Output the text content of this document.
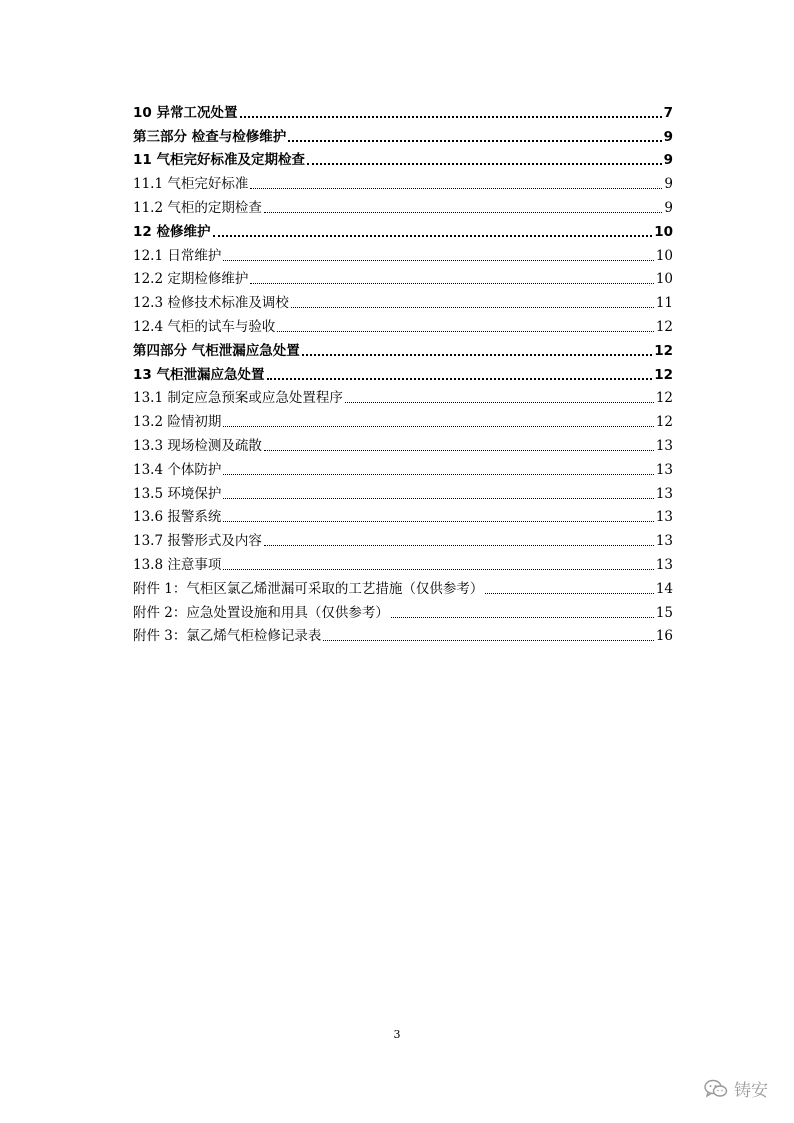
10 异常工况处置	7
第三部分 检查与检修维护	9
11 气柜完好标准及定期检查	9
11.1 气柜完好标准	9
11.2 气柜的定期检查	9
12 检修维护	10
12.1 日常维护	10
12.2 定期检修维护	10
12.3 检修技术标准及调校	11
12.4 气柜的试车与验收	12
第四部分 气柜泄漏应急处置	12
13 气柜泄漏应急处置	12
13.1 制定应急预案或应急处置程序	12
13.2 险情初期	12
13.3 现场检测及疏散	13
13.4 个体防护	13
13.5 环境保护	13
13.6 报警系统	13
13.7 报警形式及内容	13
13.8 注意事项	13
附件 1：气柜区氯乙烯泄漏可采取的工艺措施（仅供参考）	14
附件 2：应急处置设施和用具（仅供参考）	15
附件 3：氯乙烯气柜检修记录表	16
3
铸安
